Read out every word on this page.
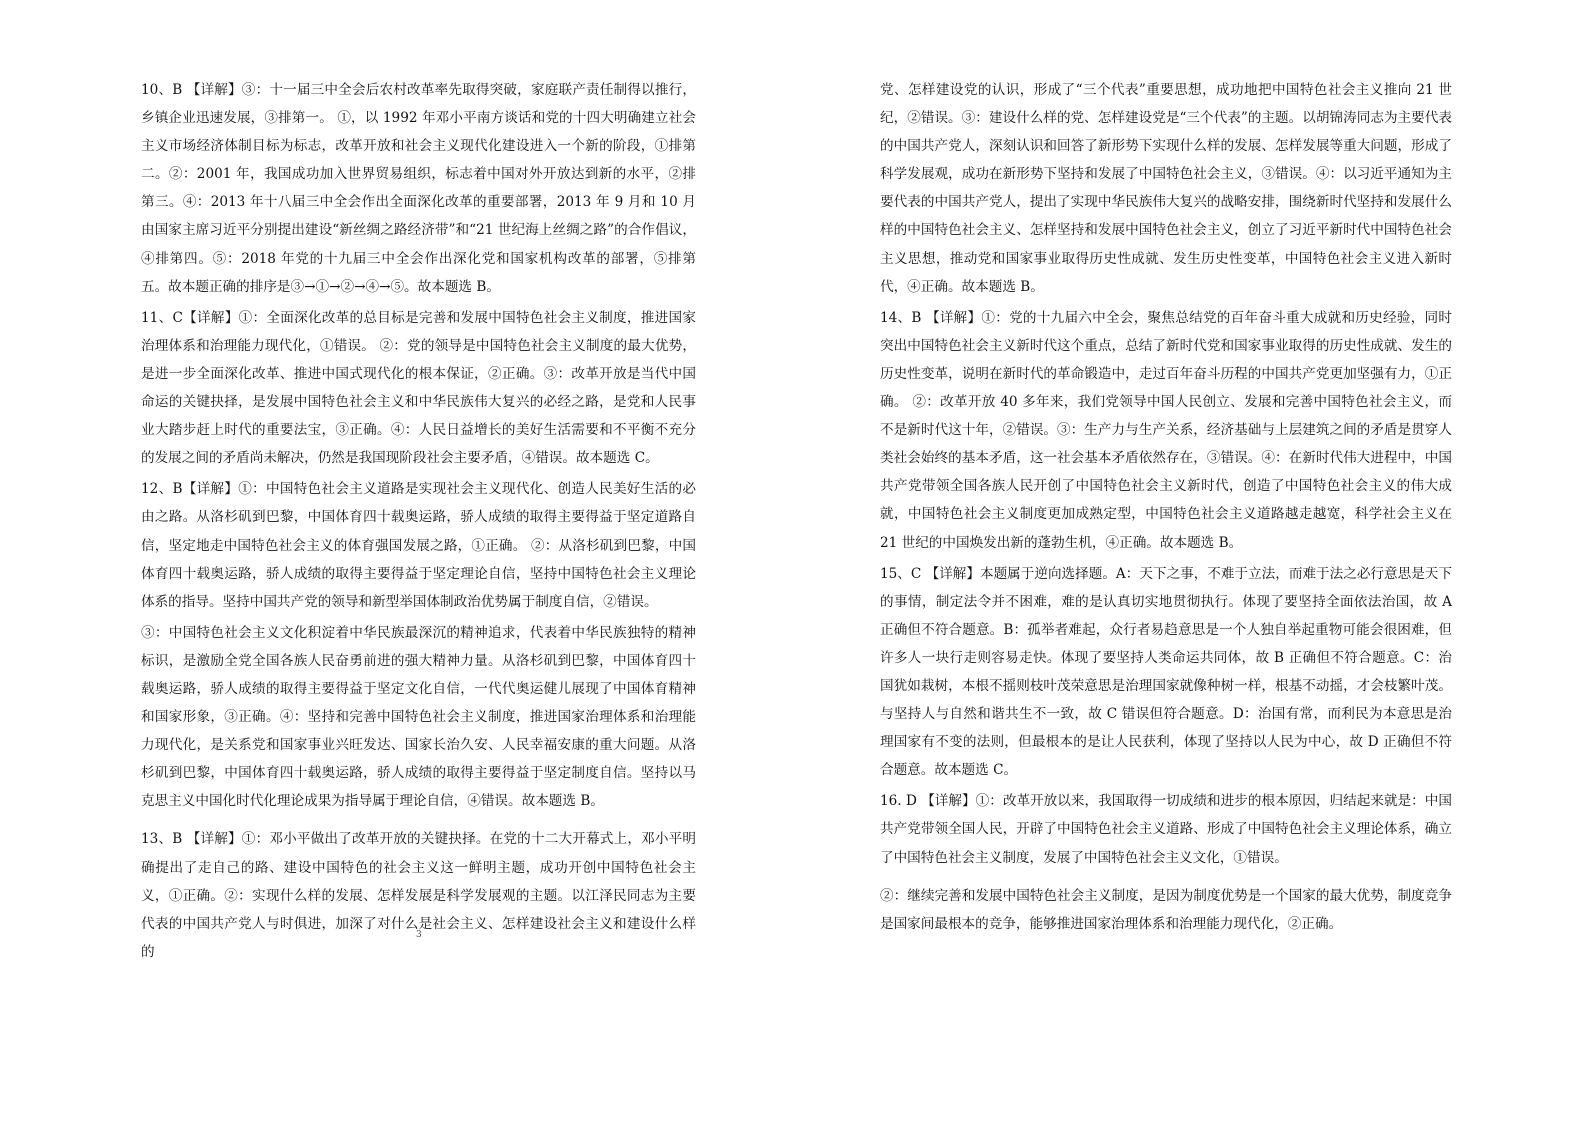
10、B 【详解】③：十一届三中全会后农村改革率先取得突破，家庭联产责任制得以推行，乡镇企业迅速发展，③排第一。 ①，以 1992 年邓小平南方谈话和党的十四大明确建立社会主义市场经济体制目标为标志，改革开放和社会主义现代化建设进入一个新的阶段，①排第二。②：2001 年，我国成功加入世界贸易组织，标志着中国对外开放达到新的水平，②排第三。④：2013 年十八届三中全会作出全面深化改革的重要部署，2013 年 9 月和 10 月由国家主席习近平分别提出建设“新丝绸之路经济带”和“21 世纪海上丝绸之路”的合作倡议，④排第四。⑤：2018 年党的十九届三中全会作出深化党和国家机构改革的部署，⑤排第五。故本题正确的排序是③→①→②→④→⑤。故本题选 B。

11、C【详解】①：全面深化改革的总目标是完善和发展中国特色社会主义制度，推进国家治理体系和治理能力现代化，①错误。 ②：党的领导是中国特色社会主义制度的最大优势，是进一步全面深化改革、推进中国式现代化的根本保证，②正确。③：改革开放是当代中国命运的关键抉择，是发展中国特色社会主义和中华民族伟大复兴的必经之路，是党和人民事业大踏步赶上时代的重要法宝，③正确。④：人民日益增长的美好生活需要和不平衡不充分的发展之间的矛盾尚未解决，仍然是我国现阶段社会主要矛盾，④错误。故本题选 C。

12、B【详解】①：中国特色社会主义道路是实现社会主义现代化、创造人民美好生活的必由之路。从洛杉矶到巴黎，中国体育四十载奥运路，骄人成绩的取得主要得益于坚定道路自信，坚定地走中国特色社会主义的体育强国发展之路，①正确。 ②：从洛杉矶到巴黎，中国体育四十载奥运路，骄人成绩的取得主要得益于坚定理论自信，坚持中国特色社会主义理论体系的指导。坚持中国共产党的领导和新型举国体制政治优势属于制度自信，②错误。

③：中国特色社会主义文化积淀着中华民族最深沉的精神追求，代表着中华民族独特的精神标识，是激励全党全国各族人民奋勇前进的强大精神力量。从洛杉矶到巴黎，中国体育四十载奥运路，骄人成绩的取得主要得益于坚定文化自信，一代代奥运健儿展现了中国体育精神和国家形象，③正确。④：坚持和完善中国特色社会主义制度，推进国家治理体系和治理能力现代化，是关系党和国家事业兴旺发达、国家长治久安、人民幸福安康的重大问题。从洛杉矶到巴黎，中国体育四十载奥运路，骄人成绩的取得主要得益于坚定制度自信。坚持以马克思主义中国化时代化理论成果为指导属于理论自信，④错误。故本题选 B。

13、B 【详解】①：邓小平做出了改革开放的关键抉择。在党的十二大开幕式上，邓小平明确提出了走自己的路、建设中国特色的社会主义这一鲜明主题，成功开创中国特色社会主义，①正确。②：实现什么样的发展、怎样发展是科学发展观的主题。以江泽民同志为主要代表的中国共产党人与时俱进，加深了对什么是社会主义、怎样建设社会主义和建设什么样的

党、怎样建设党的认识，形成了“三个代表”重要思想，成功地把中国特色社会主义推向 21 世纪，②错误。③：建设什么样的党、怎样建设党是“三个代表”的主题。以胡锦涛同志为主要代表的中国共产党人，深刻认识和回答了新形势下实现什么样的发展、怎样发展等重大问题，形成了科学发展观，成功在新形势下坚持和发展了中国特色社会主义，③错误。④：以习近平通知为主要代表的中国共产党人，提出了实现中华民族伟大复兴的战略安排，围绕新时代坚持和发展什么样的中国特色社会主义、怎样坚持和发展中国特色社会主义，创立了习近平新时代中国特色社会主义思想，推动党和国家事业取得历史性成就、发生历史性变革，中国特色社会主义进入新时代，④正确。故本题选 B。

14、B 【详解】①：党的十九届六中全会，聚焦总结党的百年奋斗重大成就和历史经验，同时突出中国特色社会主义新时代这个重点，总结了新时代党和国家事业取得的历史性成就、发生的历史性变革，说明在新时代的革命锻造中，走过百年奋斗历程的中国共产党更加坚强有力，①正确。 ②：改革开放 40 多年来，我们党领导中国人民创立、发展和完善中国特色社会主义，而不是新时代这十年，②错误。③：生产力与生产关系，经济基础与上层建筑之间的矛盾是贯穿人类社会始终的基本矛盾，这一社会基本矛盾依然存在，③错误。④：在新时代伟大进程中，中国共产党带领全国各族人民开创了中国特色社会主义新时代，创造了中国特色社会主义的伟大成就，中国特色社会主义制度更加成熟定型，中国特色社会主义道路越走越宽，科学社会主义在 21 世纪的中国焕发出新的蓬勃生机，④正确。故本题选 B。

15、C 【详解】本题属于逆向选择题。A：天下之事，不难于立法，而难于法之必行意思是天下的事情，制定法令并不困难，难的是认真切实地贯彻执行。体现了要坚持全面依法治国，故 A 正确但不符合题意。B：孤举者难起，众行者易趋意思是一个人独自举起重物可能会很困难，但许多人一块行走则容易走快。体现了要坚持人类命运共同体，故 B 正确但不符合题意。C：治国犹如栽树，本根不摇则枝叶茂荣意思是治理国家就像种树一样，根基不动摇，才会枝繁叶茂。与坚持人与自然和谐共生不一致，故 C 错误但符合题意。D：治国有常，而利民为本意思是治理国家有不变的法则，但最根本的是让人民获利，体现了坚持以人民为中心，故 D 正确但不符合题意。故本题选 C。

16. D 【详解】①：改革开放以来，我国取得一切成绩和进步的根本原因，归结起来就是：中国共产党带领全国人民，开辟了中国特色社会主义道路、形成了中国特色社会主义理论体系，确立了中国特色社会主义制度，发展了中国特色社会主义文化，①错误。

②：继续完善和发展中国特色社会主义制度，是因为制度优势是一个国家的最大优势，制度竞争是国家间最根本的竞争，能够推进国家治理体系和治理能力现代化，②正确。

3
